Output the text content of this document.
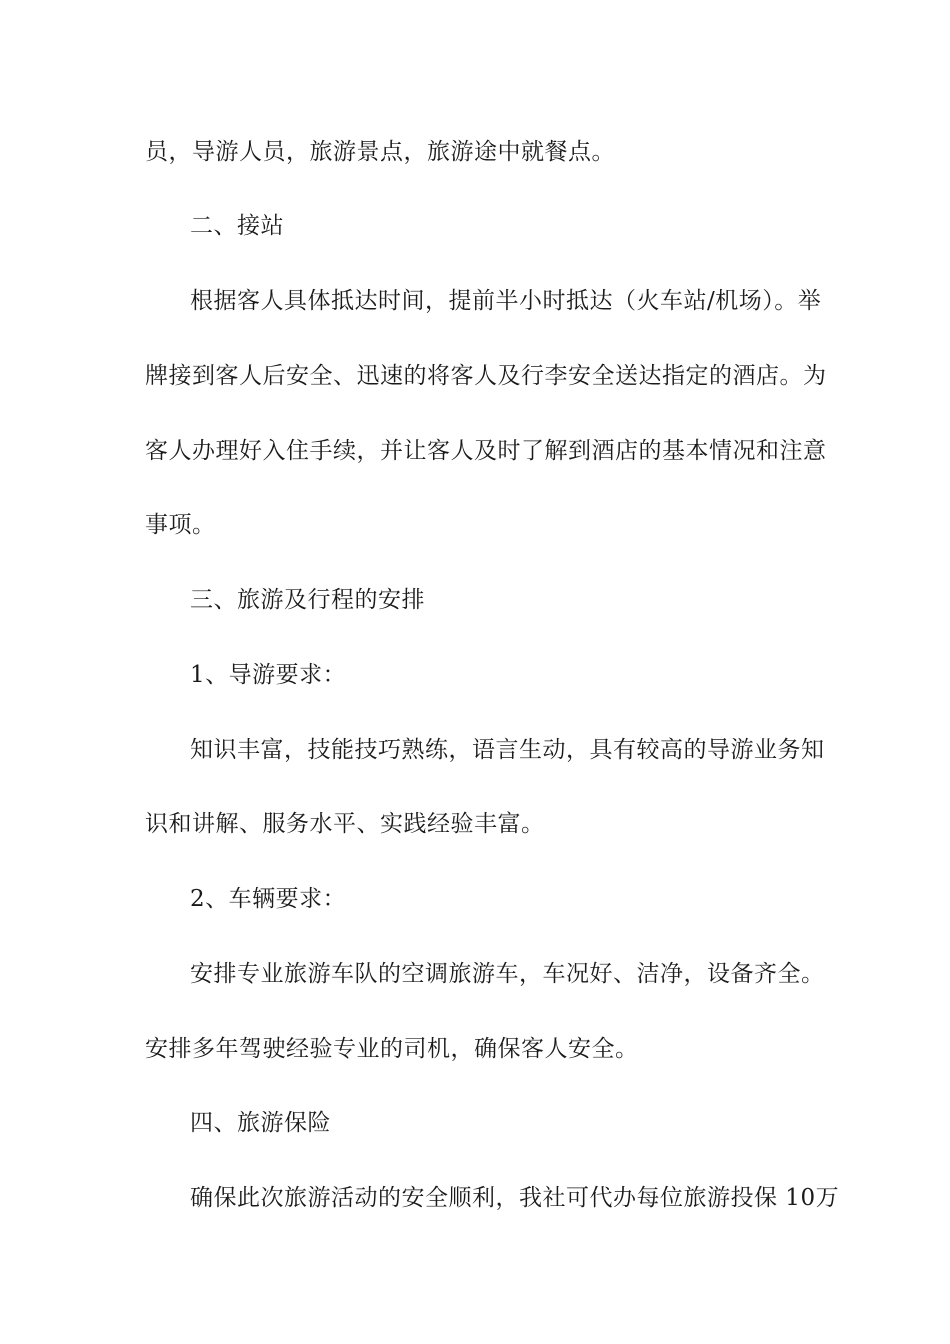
员，导游人员，旅游景点，旅游途中就餐点。
二、接站
根据客人具体抵达时间，提前半小时抵达（火车站/机场）。举
牌接到客人后安全、迅速的将客人及行李安全送达指定的酒店。为
客人办理好入住手续，并让客人及时了解到酒店的基本情况和注意
事项。
三、旅游及行程的安排
1、导游要求：
知识丰富，技能技巧熟练，语言生动，具有较高的导游业务知
识和讲解、服务水平、实践经验丰富。
2、车辆要求：
安排专业旅游车队的空调旅游车，车况好、洁净，设备齐全。
安排多年驾驶经验专业的司机，确保客人安全。
四、旅游保险
确保此次旅游活动的安全顺利，我社可代办每位旅游投保 10万
